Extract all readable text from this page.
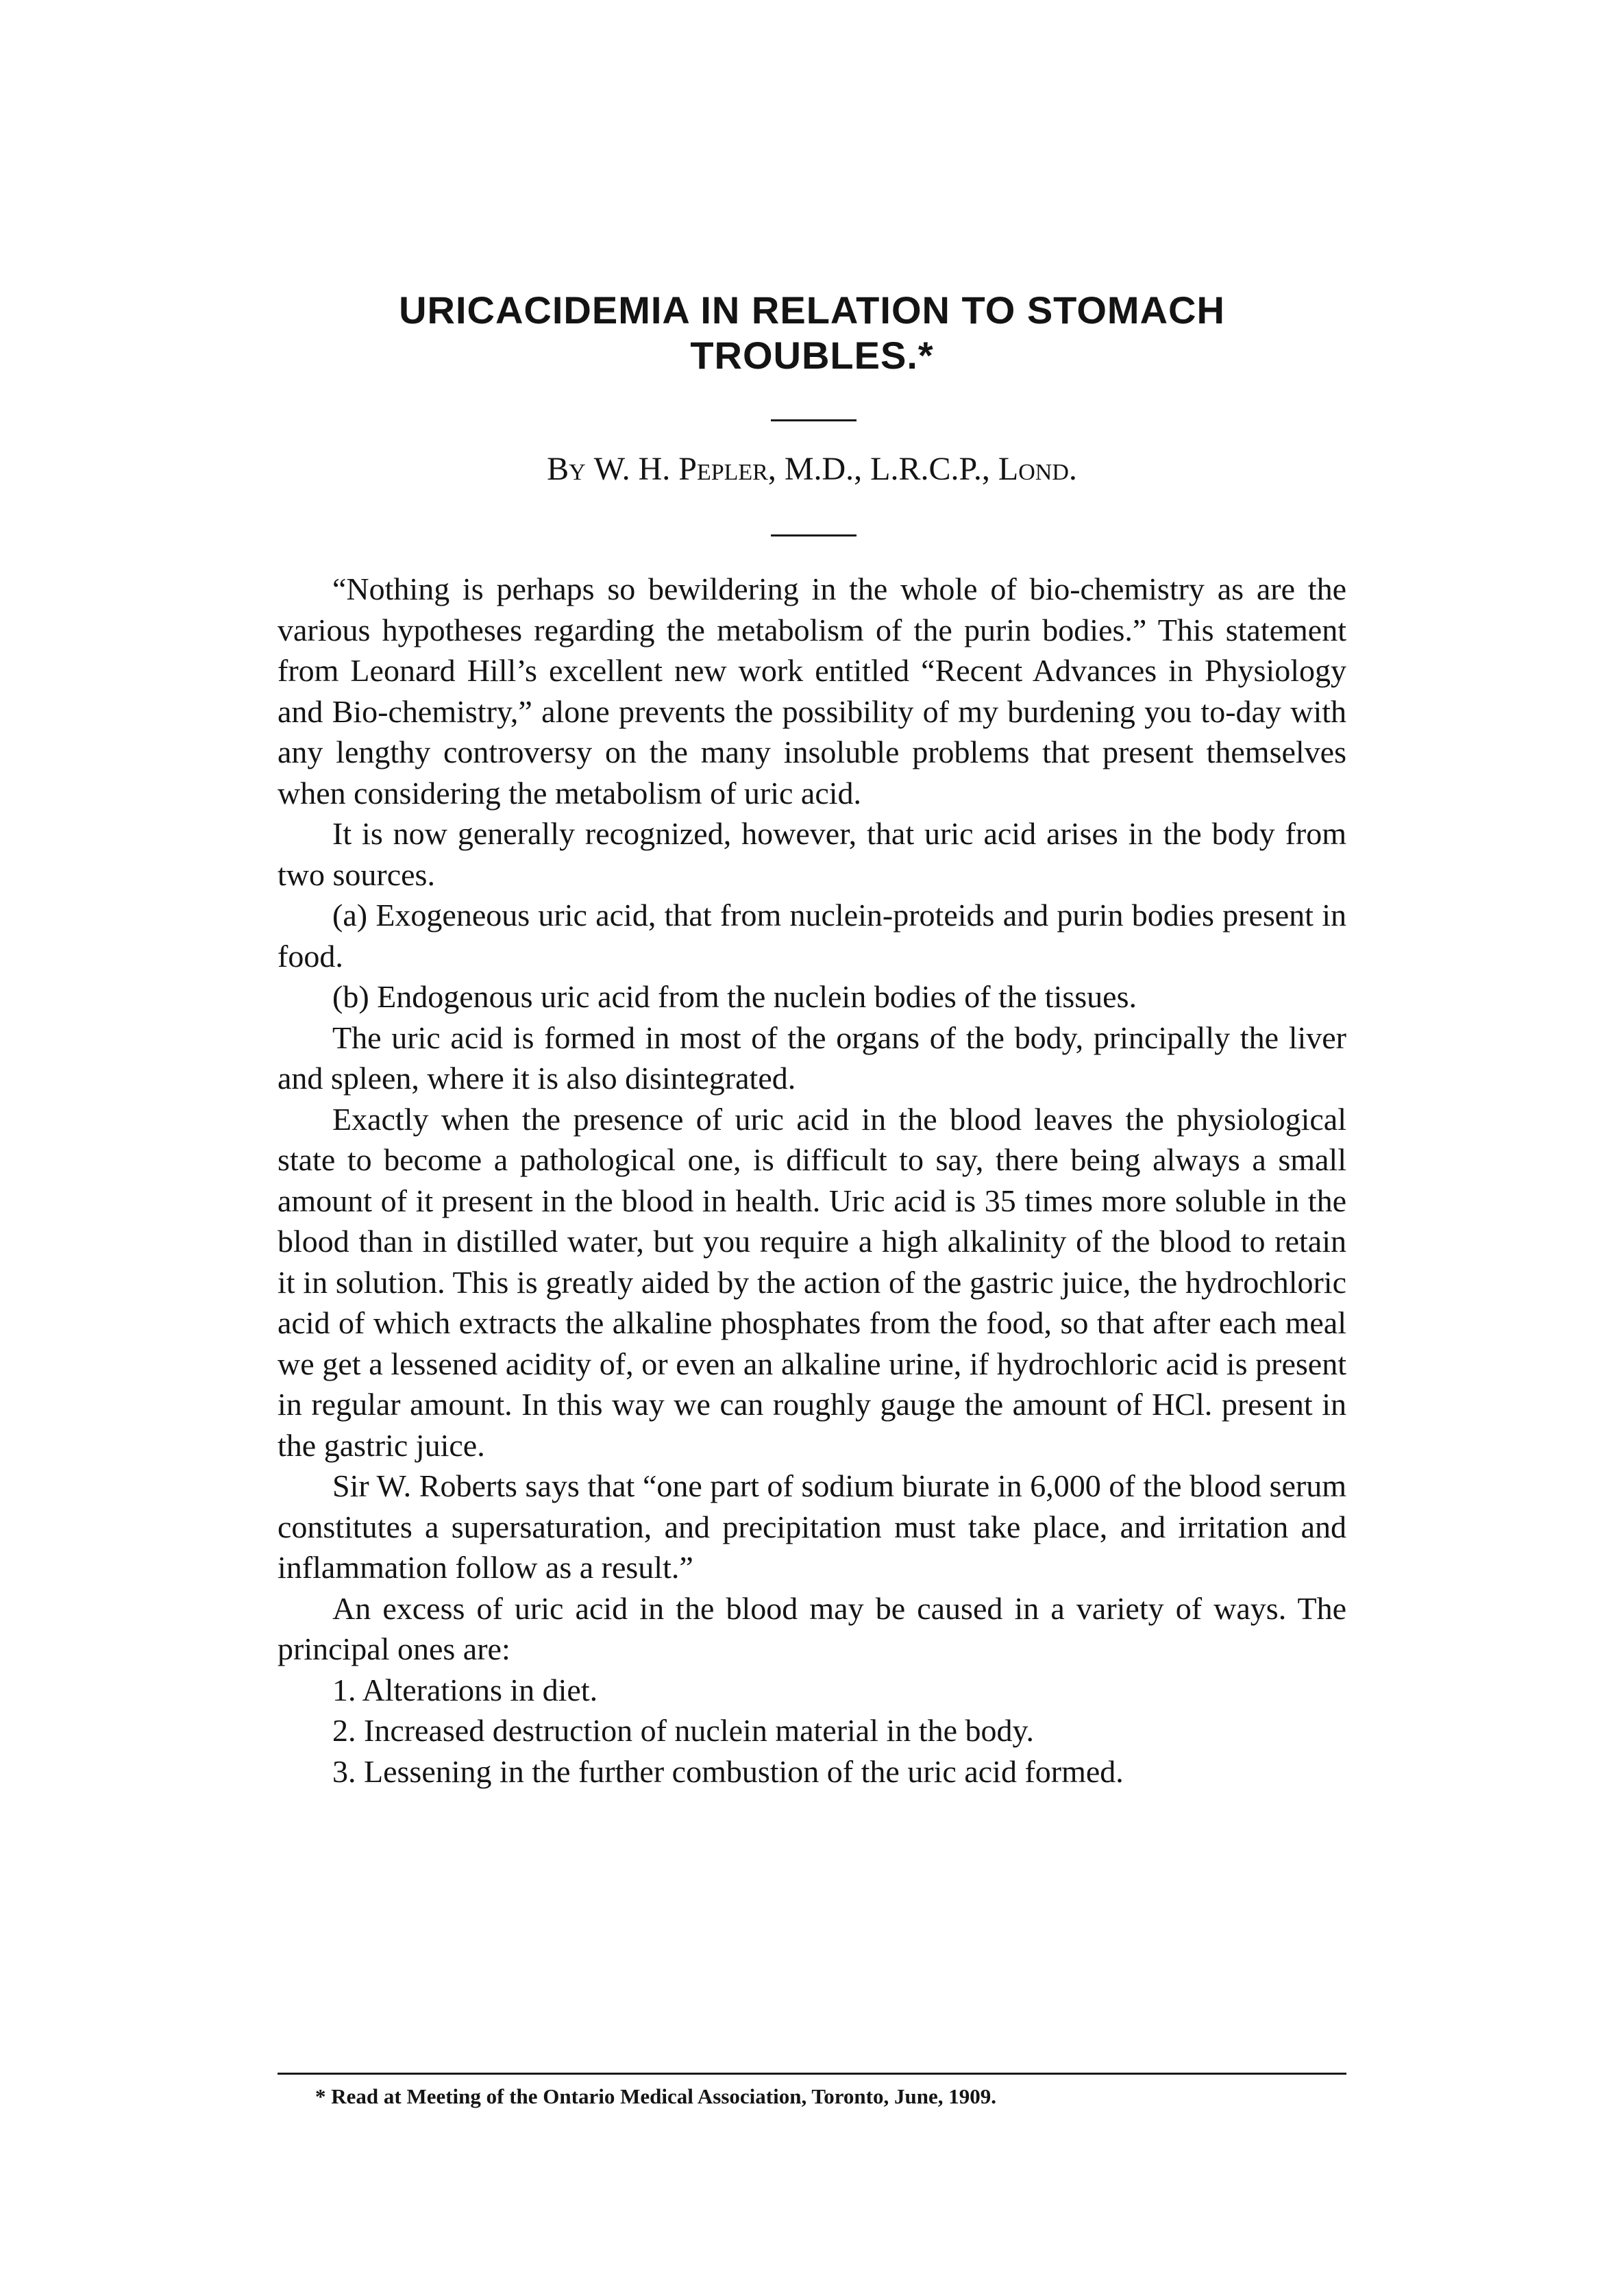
URICACIDEMIA IN RELATION TO STOMACH
TROUBLES.*

By W. H. Pepler, M.D., L.R.C.P., Lond.

“Nothing is perhaps so bewildering in the whole of bio-chemistry as are the various hypotheses regarding the metabolism of the purin bodies.” This statement from Leonard Hill’s excellent new work entitled “Recent Advances in Physiology and Bio-chemistry,” alone prevents the possibility of my burdening you to-day with any lengthy controversy on the many insoluble problems that present themselves when considering the metabolism of uric acid.

It is now generally recognized, however, that uric acid arises in the body from two sources.

(a) Exogeneous uric acid, that from nuclein-proteids and purin bodies present in food.

(b) Endogenous uric acid from the nuclein bodies of the tissues.

The uric acid is formed in most of the organs of the body, principally the liver and spleen, where it is also disintegrated.

Exactly when the presence of uric acid in the blood leaves the physiological state to become a pathological one, is difficult to say, there being always a small amount of it present in the blood in health. Uric acid is 35 times more soluble in the blood than in distilled water, but you require a high alkalinity of the blood to retain it in solution. This is greatly aided by the action of the gastric juice, the hydrochloric acid of which extracts the alkaline phosphates from the food, so that after each meal we get a lessened acidity of, or even an alkaline urine, if hydrochloric acid is present in regular amount. In this way we can roughly gauge the amount of HCl. present in the gastric juice.

Sir W. Roberts says that “one part of sodium biurate in 6,000 of the blood serum constitutes a supersaturation, and precipitation must take place, and irritation and inflammation follow as a result.”

An excess of uric acid in the blood may be caused in a variety of ways. The principal ones are:

1. Alterations in diet.

2. Increased destruction of nuclein material in the body.

3. Lessening in the further combustion of the uric acid formed.

* Read at Meeting of the Ontario Medical Association, Toronto, June, 1909.
